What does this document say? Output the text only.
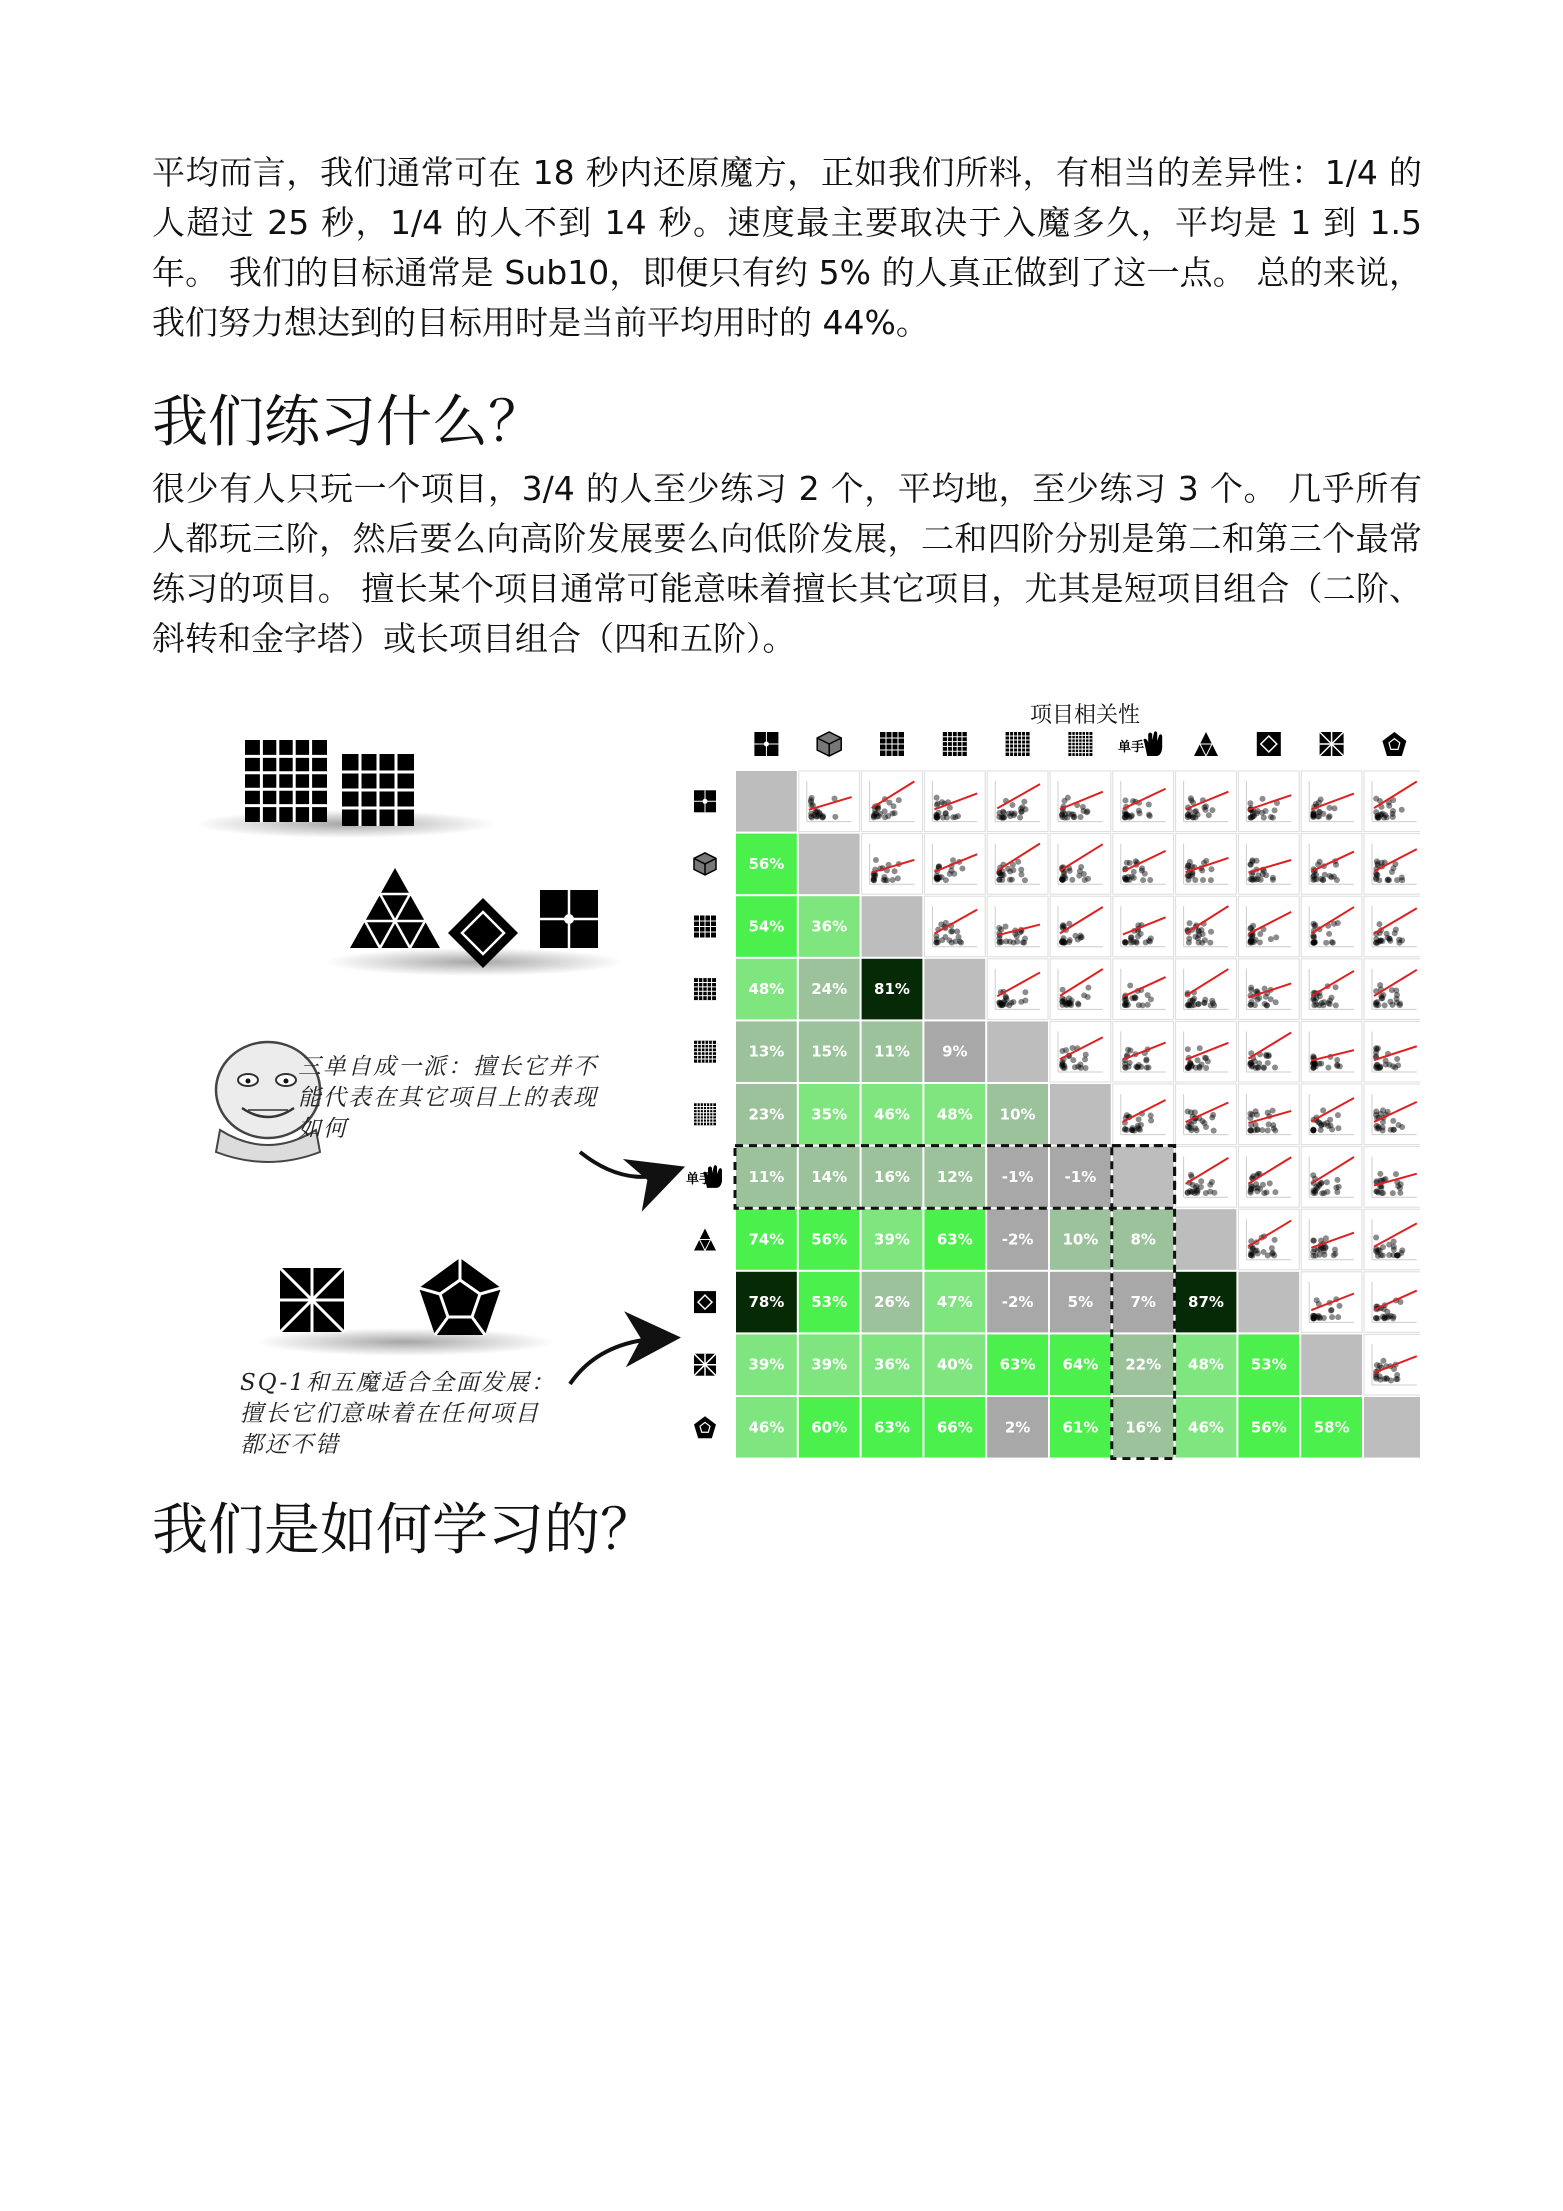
平均而言，我们通常可在 18 秒内还原魔方，正如我们所料，有相当的差异性：1/4 的人超过 25 秒，1/4 的人不到 14 秒。速度最主要取决于入魔多久，平均是 1 到 1.5 年。 我们的目标通常是 Sub10，即便只有约 5% 的人真正做到了这一点。 总的来说，我们努力想达到的目标用时是当前平均用时的 44%。

我们练习什么？

很少有人只玩一个项目，3/4 的人至少练习 2 个，平均地，至少练习 3 个。 几乎所有人都玩三阶，然后要么向高阶发展要么向低阶发展，二和四阶分别是第二和第三个最常练习的项目。 擅长某个项目通常可能意味着擅长其它项目，尤其是短项目组合（二阶、斜转和金字塔）或长项目组合（四和五阶）。

56%
54% 36%
48% 24% 81%
13% 15% 11% 9%
23% 35% 46% 48% 10%
11% 14% 16% 12% -1% -1%
74% 56% 39% 63% -2% 10% 8%
78% 53% 26% 47% -2% 5% 7% 87%
39% 39% 36% 40% 63% 64% 22% 48% 53%
46% 60% 63% 66% 2% 61% 16% 46% 56% 58%
项目相关性
单手
单手
三单自成一派：擅长它并不能代表在其它项目上的表现如何
SQ-1和五魔适合全面发展：擅长它们意味着在任何项目都还不错
我们是如何学习的？
